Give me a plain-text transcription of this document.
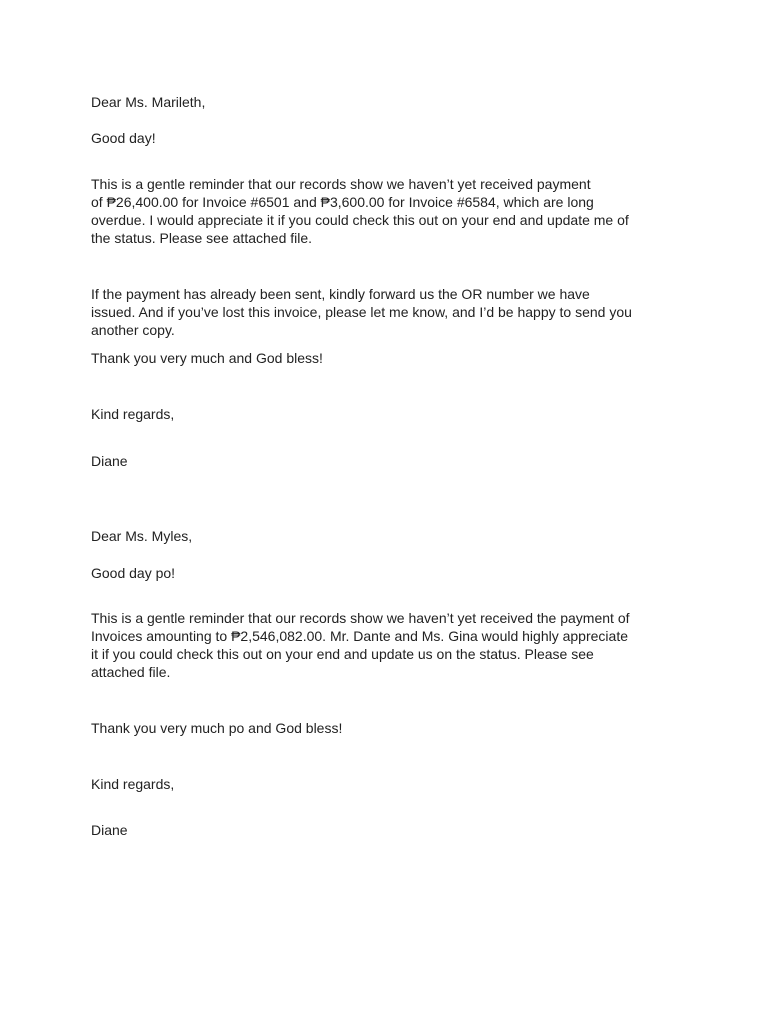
Dear Ms. Marileth,

Good day!

This is a gentle reminder that our records show we haven’t yet received payment

of ₱26,400.00 for Invoice #6501 and ₱3,600.00 for Invoice #6584, which are long

overdue. I would appreciate it if you could check this out on your end and update me of

the status. Please see attached file.

If the payment has already been sent, kindly forward us the OR number we have

issued. And if you’ve lost this invoice, please let me know, and I’d be happy to send you

another copy.

Thank you very much and God bless!

Kind regards,

Diane

Dear Ms. Myles,

Good day po!

This is a gentle reminder that our records show we haven’t yet received the payment of

Invoices amounting to ₱2,546,082.00. Mr. Dante and Ms. Gina would highly appreciate

it if you could check this out on your end and update us on the status. Please see

attached file.

Thank you very much po and God bless!

Kind regards,

Diane
